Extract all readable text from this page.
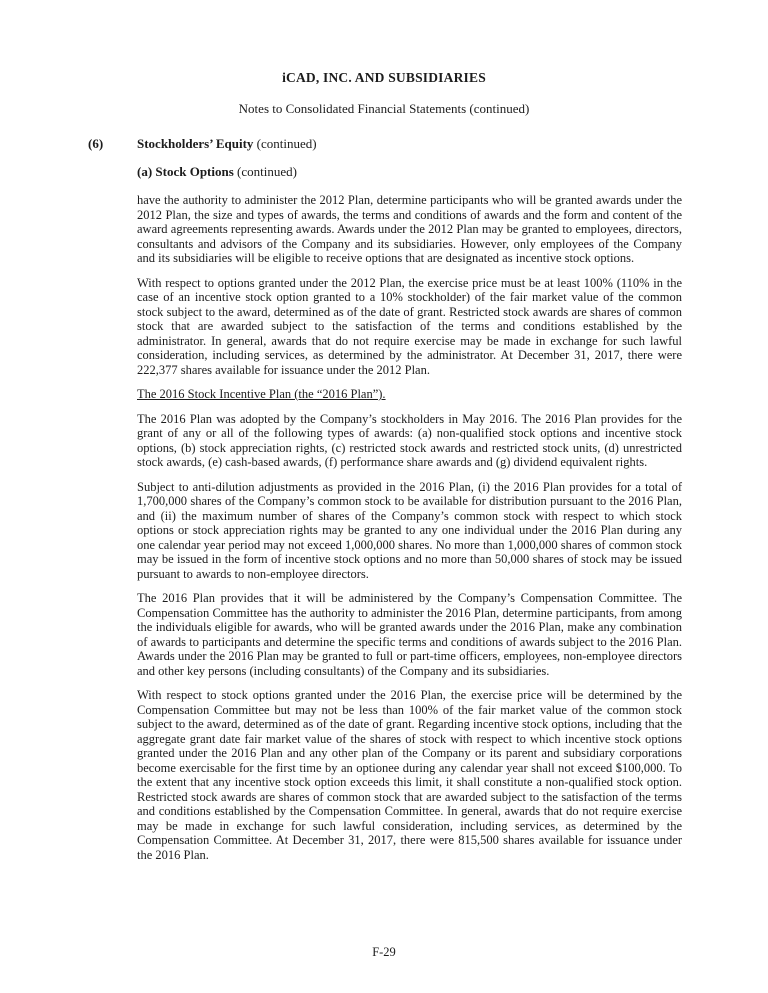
iCAD, INC. AND SUBSIDIARIES
Notes to Consolidated Financial Statements (continued)
(6)	Stockholders’ Equity (continued)
(a) Stock Options (continued)

have the authority to administer the 2012 Plan, determine participants who will be granted awards under the 2012 Plan, the size and types of awards, the terms and conditions of awards and the form and content of the award agreements representing awards. Awards under the 2012 Plan may be granted to employees, directors, consultants and advisors of the Company and its subsidiaries. However, only employees of the Company and its subsidiaries will be eligible to receive options that are designated as incentive stock options.

With respect to options granted under the 2012 Plan, the exercise price must be at least 100% (110% in the case of an incentive stock option granted to a 10% stockholder) of the fair market value of the common stock subject to the award, determined as of the date of grant. Restricted stock awards are shares of common stock that are awarded subject to the satisfaction of the terms and conditions established by the administrator. In general, awards that do not require exercise may be made in exchange for such lawful consideration, including services, as determined by the administrator. At December 31, 2017, there were 222,377 shares available for issuance under the 2012 Plan.

The 2016 Stock Incentive Plan (the “2016 Plan”).

The 2016 Plan was adopted by the Company’s stockholders in May 2016. The 2016 Plan provides for the grant of any or all of the following types of awards: (a) non-qualified stock options and incentive stock options, (b) stock appreciation rights, (c) restricted stock awards and restricted stock units, (d) unrestricted stock awards, (e) cash-based awards, (f) performance share awards and (g) dividend equivalent rights.

Subject to anti-dilution adjustments as provided in the 2016 Plan, (i) the 2016 Plan provides for a total of 1,700,000 shares of the Company’s common stock to be available for distribution pursuant to the 2016 Plan, and (ii) the maximum number of shares of the Company’s common stock with respect to which stock options or stock appreciation rights may be granted to any one individual under the 2016 Plan during any one calendar year period may not exceed 1,000,000 shares. No more than 1,000,000 shares of common stock may be issued in the form of incentive stock options and no more than 50,000 shares of stock may be issued pursuant to awards to non-employee directors.

The 2016 Plan provides that it will be administered by the Company’s Compensation Committee. The Compensation Committee has the authority to administer the 2016 Plan, determine participants, from among the individuals eligible for awards, who will be granted awards under the 2016 Plan, make any combination of awards to participants and determine the specific terms and conditions of awards subject to the 2016 Plan. Awards under the 2016 Plan may be granted to full or part-time officers, employees, non-employee directors and other key persons (including consultants) of the Company and its subsidiaries.

With respect to stock options granted under the 2016 Plan, the exercise price will be determined by the Compensation Committee but may not be less than 100% of the fair market value of the common stock subject to the award, determined as of the date of grant. Regarding incentive stock options, including that the aggregate grant date fair market value of the shares of stock with respect to which incentive stock options granted under the 2016 Plan and any other plan of the Company or its parent and subsidiary corporations become exercisable for the first time by an optionee during any calendar year shall not exceed $100,000. To the extent that any incentive stock option exceeds this limit, it shall constitute a non-qualified stock option. Restricted stock awards are shares of common stock that are awarded subject to the satisfaction of the terms and conditions established by the Compensation Committee. In general, awards that do not require exercise may be made in exchange for such lawful consideration, including services, as determined by the Compensation Committee. At December 31, 2017, there were 815,500 shares available for issuance under the 2016 Plan.

F-29
